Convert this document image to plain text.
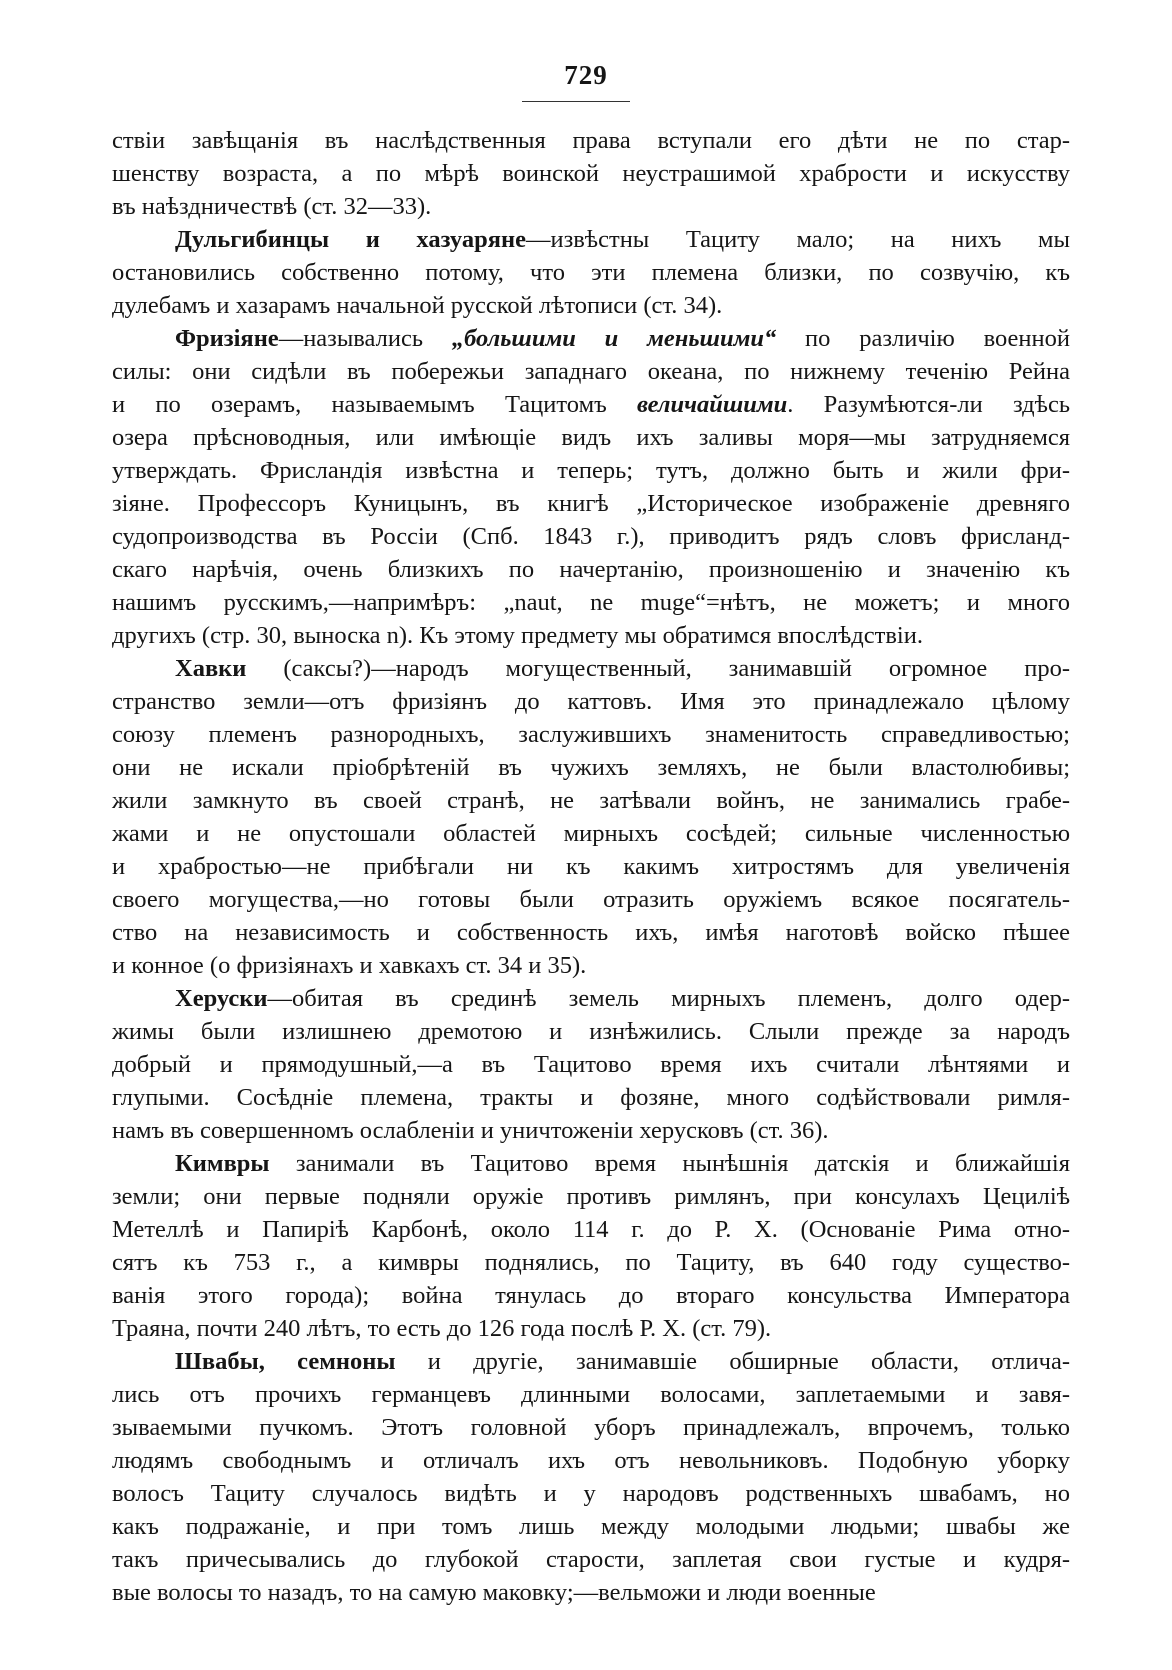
729
ствіи завѣщанія въ наслѣдственныя права вступали его дѣти не по стар-
шенству возраста, а по мѣрѣ воинской неустрашимой храбрости и искусству
въ наѣздничествѣ (ст. 32—33).
Дульгибинцы и хазуаряне—извѣстны Тациту мало; на нихъ мы
остановились собственно потому, что эти племена близки, по созвучію, къ
дулебамъ и хазарамъ начальной русской лѣтописи (ст. 34).
Фризіяне—назывались „большими и меньшими“ по различію военной
силы: они сидѣли въ побережьи западнаго океана, по нижнему теченію Рейна
и по озерамъ, называемымъ Тацитомъ величайшими. Разумѣются-ли здѣсь
озера прѣсноводныя, или имѣющіе видъ ихъ заливы моря—мы затрудняемся
утверждать. Фрисландія извѣстна и теперь; тутъ, должно быть и жили фри-
зіяне. Профессоръ Куницынъ, въ книгѣ „Историческое изображеніе древняго
судопроизводства въ Россіи (Спб. 1843 г.), приводитъ рядъ словъ фрисланд-
скаго нарѣчія, очень близкихъ по начертанію, произношенію и значенію къ
нашимъ русскимъ,—напримѣръ: „naut, ne muge“=нѣтъ, не можетъ; и много
другихъ (стр. 30, выноска n). Къ этому предмету мы обратимся впослѣдствіи.
Хавки (саксы?)—народъ могущественный, занимавшій огромное про-
странство земли—отъ фризіянъ до каттовъ. Имя это принадлежало цѣлому
союзу племенъ разнородныхъ, заслужившихъ знаменитость справедливостью;
они не искали пріобрѣтеній въ чужихъ земляхъ, не были властолюбивы;
жили замкнуто въ своей странѣ, не затѣвали войнъ, не занимались грабе-
жами и не опустошали областей мирныхъ сосѣдей; сильные численностью
и храбростью—не прибѣгали ни къ какимъ хитростямъ для увеличенія
своего могущества,—но готовы были отразить оружіемъ всякое посягатель-
ство на независимость и собственность ихъ, имѣя наготовѣ войско пѣшее
и конное (о фризіянахъ и хавкахъ ст. 34 и 35).
Херуски—обитая въ срединѣ земель мирныхъ племенъ, долго одер-
жимы были излишнею дремотою и изнѣжились. Слыли прежде за народъ
добрый и прямодушный,—а въ Тацитово время ихъ считали лѣнтяями и
глупыми. Сосѣдніе племена, тракты и фозяне, много содѣйствовали римля-
намъ въ совершенномъ ослабленіи и уничтоженіи херусковъ (ст. 36).
Кимвры занимали въ Тацитово время нынѣшнія датскія и ближайшія
земли; они первые подняли оружіе противъ римлянъ, при консулахъ Цециліѣ
Метеллѣ и Папиріѣ Карбонѣ, около 114 г. до Р. Х. (Основаніе Рима отно-
сятъ къ 753 г., а кимвры поднялись, по Тациту, въ 640 году существо-
ванія этого города); война тянулась до втораго консульства Императора
Траяна, почти 240 лѣтъ, то есть до 126 года послѣ Р. Х. (ст. 79).
Швабы, семноны и другіе, занимавшіе обширные области, отлича-
лись отъ прочихъ германцевъ длинными волосами, заплетаемыми и завя-
зываемыми пучкомъ. Этотъ головной уборъ принадлежалъ, впрочемъ, только
людямъ свободнымъ и отличалъ ихъ отъ невольниковъ. Подобную уборку
волосъ Тациту случалось видѣть и у народовъ родственныхъ швабамъ, но
какъ подражаніе, и при томъ лишь между молодыми людьми; швабы же
такъ причесывались до глубокой старости, заплетая свои густые и кудря-
вые волосы то назадъ, то на самую маковку;—вельможи и люди военные
